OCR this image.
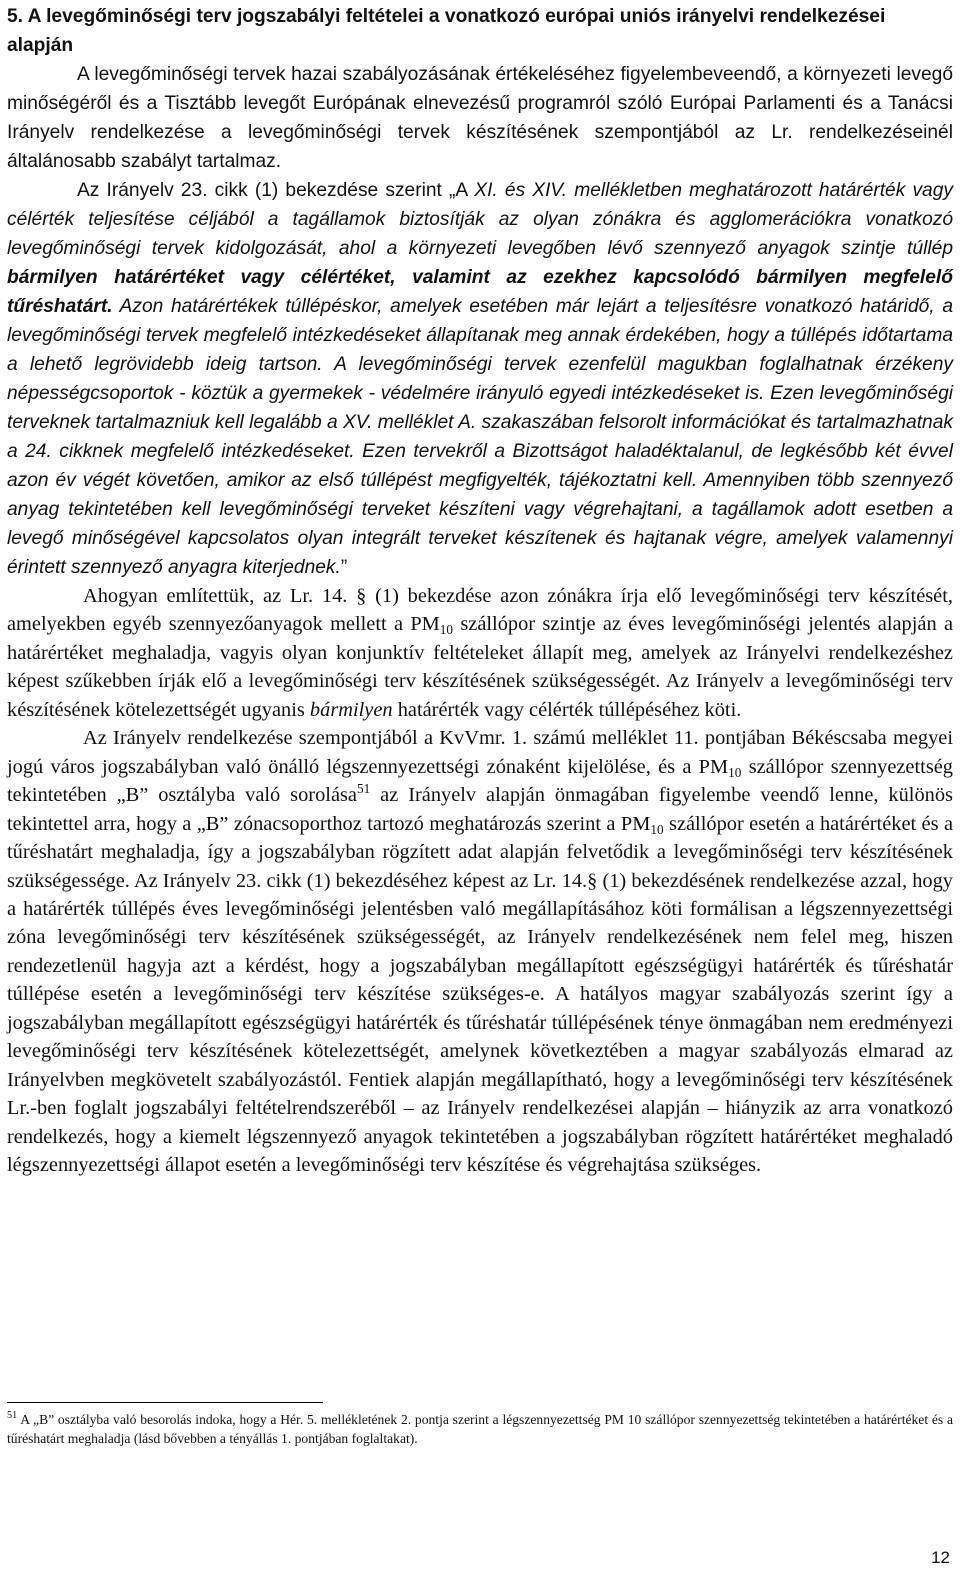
5. A levegőminőségi terv jogszabályi feltételei a vonatkozó európai uniós irányelvi rendelkezései alapján

A levegőminőségi tervek hazai szabályozásának értékeléséhez figyelembeveendő, a környezeti levegő minőségéről és a Tisztább levegőt Európának elnevezésű programról szóló Európai Parlamenti és a Tanácsi Irányelv rendelkezése a levegőminőségi tervek készítésének szempontjából az Lr. rendelkezéseinél általánosabb szabályt tartalmaz.

Az Irányelv 23. cikk (1) bekezdése szerint „A XI. és XIV. mellékletben meghatározott határérték vagy célérték teljesítése céljából a tagállamok biztosítják az olyan zónákra és agglomerációkra vonatkozó levegőminőségi tervek kidolgozását, ahol a környezeti levegőben lévő szennyező anyagok szintje túllép bármilyen határértéket vagy célértéket, valamint az ezekhez kapcsolódó bármilyen megfelelő tűréshatárt. Azon határértékek túllépéskor, amelyek esetében már lejárt a teljesítésre vonatkozó határidő, a levegőminőségi tervek megfelelő intézkedéseket állapítanak meg annak érdekében, hogy a túllépés időtartama a lehető legrövidebb ideig tartson. A levegőminőségi tervek ezenfelül magukban foglalhatnak érzékeny népességcsoportok - köztük a gyermekek - védelmére irányuló egyedi intézkedéseket is. Ezen levegőminőségi terveknek tartalmazniuk kell legalább a XV. melléklet A. szakaszában felsorolt információkat és tartalmazhatnak a 24. cikknek megfelelő intézkedéseket. Ezen tervekről a Bizottságot haladéktalanul, de legkésőbb két évvel azon év végét követően, amikor az első túllépést megfigyelték, tájékoztatni kell. Amennyiben több szennyező anyag tekintetében kell levegőminőségi terveket készíteni vagy végrehajtani, a tagállamok adott esetben a levegő minőségével kapcsolatos olyan integrált terveket készítenek és hajtanak végre, amelyek valamennyi érintett szennyező anyagra kiterjednek.”

Ahogyan említettük, az Lr. 14. § (1) bekezdése azon zónákra írja elő levegőminőségi terv készítését, amelyekben egyéb szennyezőanyagok mellett a $PM_{10}$ szállópor szintje az éves levegőminőségi jelentés alapján a határértéket meghaladja, vagyis olyan konjunktív feltételeket állapít meg, amelyek az Irányelvi rendelkezéshez képest szűkebben írják elő a levegőminőségi terv készítésének szükségességét. Az Irányelv a levegőminőségi terv készítésének kötelezettségét ugyanis bármilyen határérték vagy célérték túllépéséhez köti.

Az Irányelv rendelkezése szempontjából a KvVmr. 1. számú melléklet 11. pontjában Békéscsaba megyei jogú város jogszabályban való önálló légszennyezettségi zónaként kijelölése, és a $PM_{10}$ szállópor szennyezettség tekintetében „B” osztályba való sorolása$^{51}$ az Irányelv alapján önmagában figyelembe veendő lenne, különös tekintettel arra, hogy a „B” zónacsoporthoz tartozó meghatározás szerint a $PM_{10}$ szállópor esetén a határértéket és a tűréshatárt meghaladja, így a jogszabályban rögzített adat alapján felvetődik a levegőminőségi terv készítésének szükségessége. Az Irányelv 23. cikk (1) bekezdéséhez képest az Lr. 14.§ (1) bekezdésének rendelkezése azzal, hogy a határérték túllépés éves levegőminőségi jelentésben való megállapításához köti formálisan a légszennyezettségi zóna levegőminőségi terv készítésének szükségességét, az Irányelv rendelkezésének nem felel meg, hiszen rendezetlenül hagyja azt a kérdést, hogy a jogszabályban megállapított egészségügyi határérték és tűréshatár túllépése esetén a levegőminőségi terv készítése szükséges-e. A hatályos magyar szabályozás szerint így a jogszabályban megállapított egészségügyi határérték és tűréshatár túllépésének ténye önmagában nem eredményezi levegőminőségi terv készítésének kötelezettségét, amelynek következtében a magyar szabályozás elmarad az Irányelvben megkövetelt szabályozástól. Fentiek alapján megállapítható, hogy a levegőminőségi terv készítésének Lr.-ben foglalt jogszabályi feltételrendszeréből – az Irányelv rendelkezései alapján – hiányzik az arra vonatkozó rendelkezés, hogy a kiemelt légszennyező anyagok tekintetében a jogszabályban rögzített határértéket meghaladó légszennyezettségi állapot esetén a levegőminőségi terv készítése és végrehajtása szükséges.

$^{51}$ A „B” osztályba való besorolás indoka, hogy a Hér. 5. mellékletének 2. pontja szerint a légszennyezettség PM 10 szállópor szennyezettség tekintetében a határértéket és a tűréshatárt meghaladja (lásd bővebben a tényállás 1. pontjában foglaltakat).

12
